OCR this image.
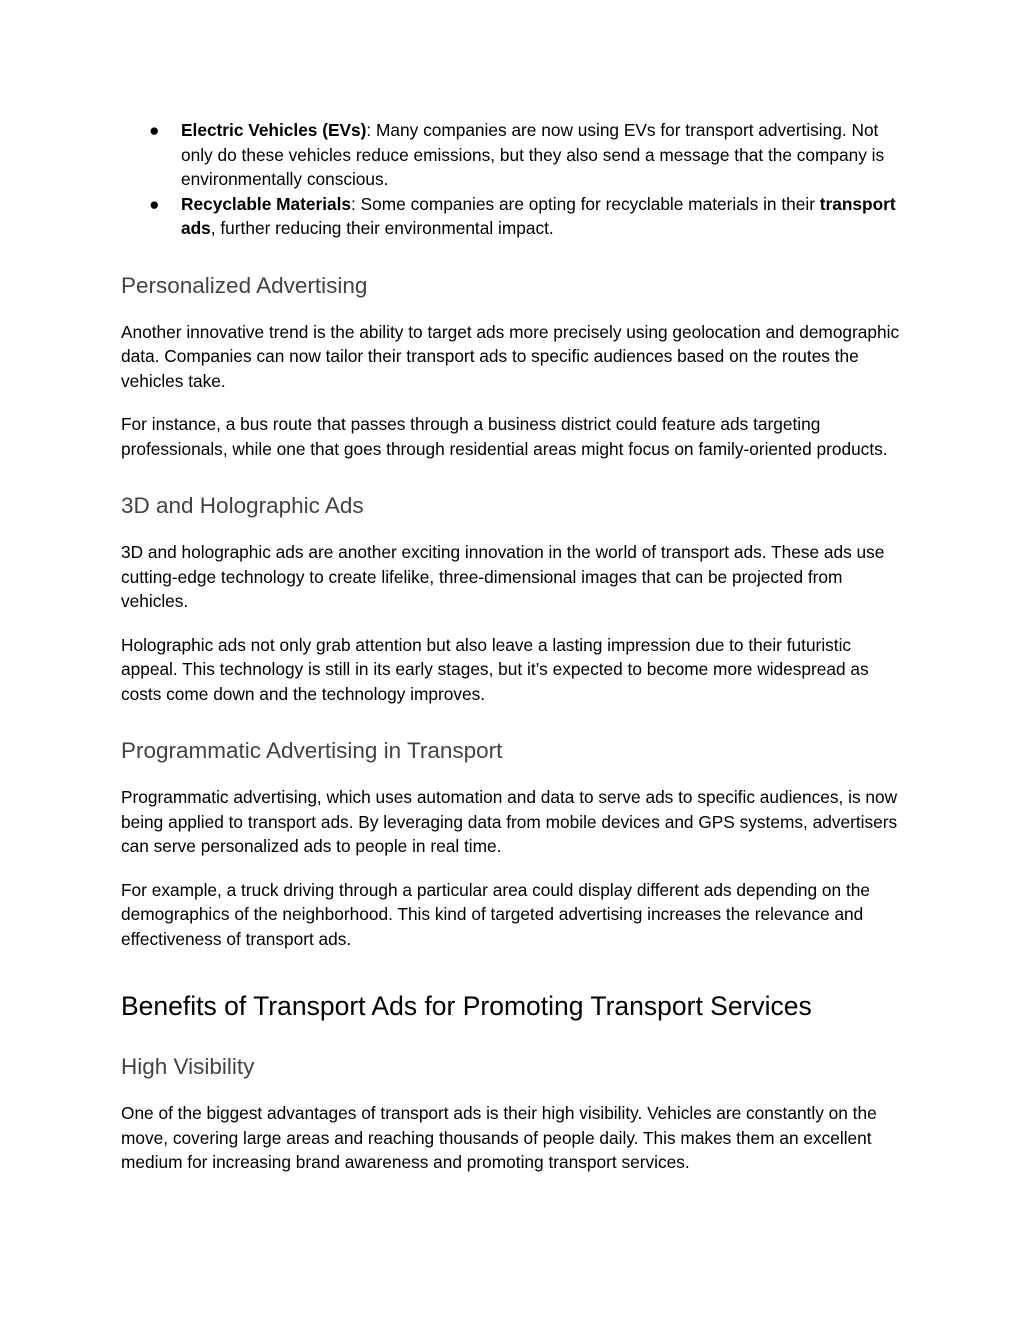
● Electric Vehicles (EVs): Many companies are now using EVs for transport advertising. Not only do these vehicles reduce emissions, but they also send a message that the company is environmentally conscious.
● Recyclable Materials: Some companies are opting for recyclable materials in their transport ads, further reducing their environmental impact.
Personalized Advertising

Another innovative trend is the ability to target ads more precisely using geolocation and demographic data. Companies can now tailor their transport ads to specific audiences based on the routes the vehicles take.

For instance, a bus route that passes through a business district could feature ads targeting professionals, while one that goes through residential areas might focus on family-oriented products.

3D and Holographic Ads

3D and holographic ads are another exciting innovation in the world of transport ads. These ads use cutting-edge technology to create lifelike, three-dimensional images that can be projected from vehicles.

Holographic ads not only grab attention but also leave a lasting impression due to their futuristic appeal. This technology is still in its early stages, but it’s expected to become more widespread as costs come down and the technology improves.

Programmatic Advertising in Transport

Programmatic advertising, which uses automation and data to serve ads to specific audiences, is now being applied to transport ads. By leveraging data from mobile devices and GPS systems, advertisers can serve personalized ads to people in real time.

For example, a truck driving through a particular area could display different ads depending on the demographics of the neighborhood. This kind of targeted advertising increases the relevance and effectiveness of transport ads.

Benefits of Transport Ads for Promoting Transport Services
High Visibility

One of the biggest advantages of transport ads is their high visibility. Vehicles are constantly on the move, covering large areas and reaching thousands of people daily. This makes them an excellent medium for increasing brand awareness and promoting transport services.
